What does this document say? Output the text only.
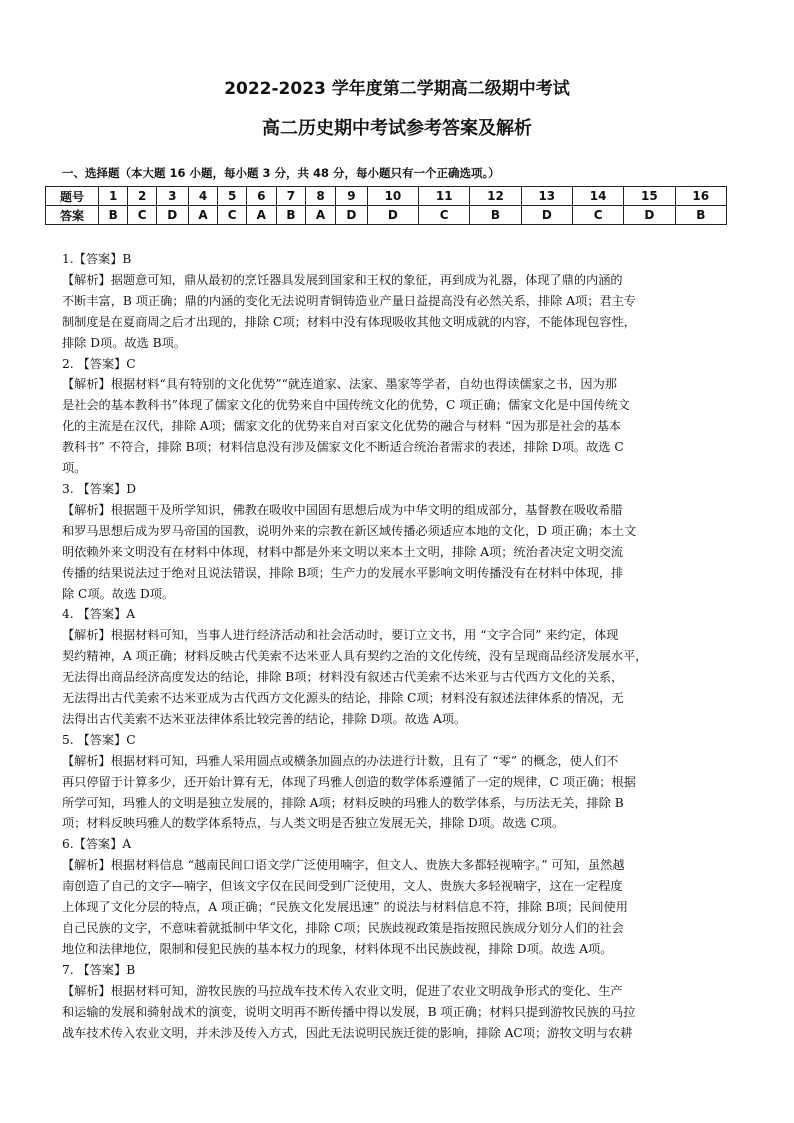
2022-2023 学年度第二学期高二级期中考试
高二历史期中考试参考答案及解析
一、选择题（本大题 16 小题，每小题 3 分，共 48 分，每小题只有一个正确选项。）
题号	1	2	3	4	5	6	7	8	9	10	11	12	13	14	15	16
答案	B	C	D	A	C	A	B	A	D	D	C	B	D	C	D	B
1.【答案】B
【解析】据题意可知，鼎从最初的烹饪器具发展到国家和王权的象征，再到成为礼器，体现了鼎的内涵的
不断丰富，B 项正确；鼎的内涵的变化无法说明青铜铸造业产量日益提高没有必然关系，排除 A项；君主专
制制度是在夏商周之后才出现的，排除 C项；材料中没有体现吸收其他文明成就的内容，不能体现包容性，
排除 D项。故选 B项。
2. 【答案】C
【解析】根据材料“具有特别的文化优势”“就连道家、法家、墨家等学者，自幼也得读儒家之书，因为那
是社会的基本教科书”体现了儒家文化的优势来自中国传统文化的优势，C 项正确；儒家文化是中国传统文
化的主流是在汉代，排除 A项；儒家文化的优势来自对百家文化优势的融合与材料 “因为那是社会的基本
教科书” 不符合，排除 B项；材料信息没有涉及儒家文化不断适合统治者需求的表述，排除 D项。故选 C
项。
3. 【答案】D
【解析】根据题干及所学知识，佛教在吸收中国固有思想后成为中华文明的组成部分，基督教在吸收希腊
和罗马思想后成为罗马帝国的国教，说明外来的宗教在新区域传播必须适应本地的文化，D 项正确；本土文
明依赖外来文明没有在材料中体现，材料中都是外来文明以来本土文明，排除 A项；统治者决定文明交流
传播的结果说法过于绝对且说法错误，排除 B项；生产力的发展水平影响文明传播没有在材料中体现，排
除 C项。故选 D项。
4. 【答案】A
【解析】根据材料可知，当事人进行经济活动和社会活动时，要订立文书，用 “文字合同” 来约定，体现
契约精神，A 项正确；材料反映古代美索不达米亚人具有契约之治的文化传统，没有呈现商品经济发展水平，
无法得出商品经济高度发达的结论，排除 B项；材料没有叙述古代美索不达米亚与古代西方文化的关系，
无法得出古代美索不达米亚成为古代西方文化源头的结论，排除 C项；材料没有叙述法律体系的情况，无
法得出古代美索不达米亚法律体系比较完善的结论，排除 D项。故选 A项。
5. 【答案】C
【解析】根据材料可知，玛雅人采用圆点或横条加圆点的办法进行计数，且有了 “零” 的概念，使人们不
再只停留于计算多少，还开始计算有无，体现了玛雅人创造的数学体系遵循了一定的规律，C 项正确；根据
所学可知，玛雅人的文明是独立发展的，排除 A项；材料反映的玛雅人的数学体系，与历法无关，排除 B
项；材料反映玛雅人的数学体系特点，与人类文明是否独立发展无关，排除 D项。故选 C项。
6.【答案】A
【解析】根据材料信息 “越南民间口语文学广泛使用喃字，但文人、贵族大多都轻视喃字。” 可知，虽然越
南创造了自己的文字—喃字，但该文字仅在民间受到广泛使用，文人、贵族大多轻视喃字，这在一定程度
上体现了文化分层的特点，A 项正确；“民族文化发展迅速” 的说法与材料信息不符，排除 B项；民间使用
自己民族的文字，不意味着就抵制中华文化，排除 C项；民族歧视政策是指按照民族成分划分人们的社会
地位和法律地位，限制和侵犯民族的基本权力的现象，材料体现不出民族歧视，排除 D项。故选 A项。
7. 【答案】B
【解析】根据材料可知，游牧民族的马拉战车技术传入农业文明，促进了农业文明战争形式的变化、生产
和运输的发展和骑射战术的演变，说明文明再不断传播中得以发展，B 项正确；材料只提到游牧民族的马拉
战车技术传入农业文明，并未涉及传入方式，因此无法说明民族迁徙的影响，排除 AC项；游牧文明与农耕
